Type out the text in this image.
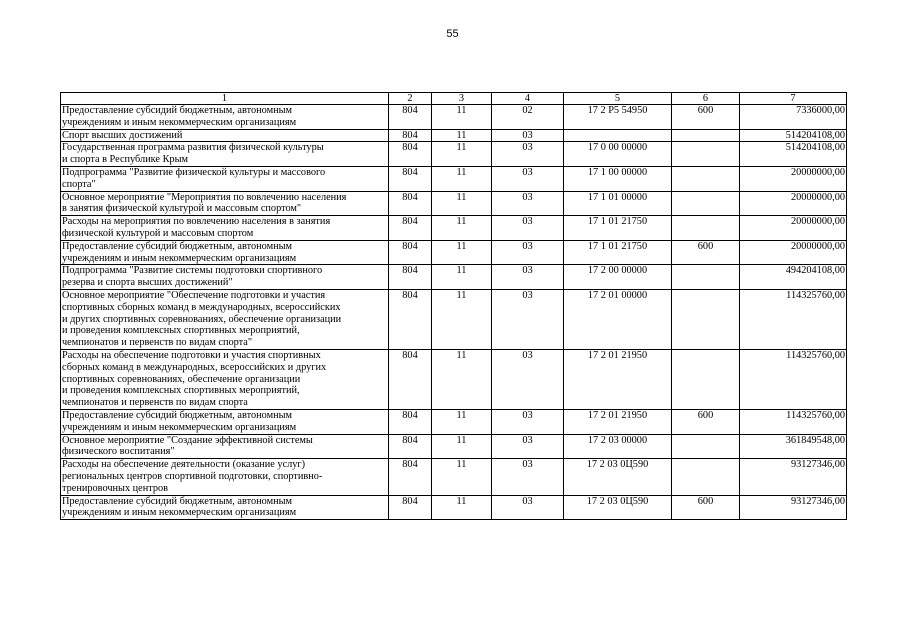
55
1	2	3	4	5	6	7
Предоставление субсидий бюджетным, автономным
учреждениям и иным некоммерческим организациям	804	11	02	17 2 Р5 54950	600	7336000,00
Спорт высших достижений	804	11	03			514204108,00
Государственная программа развития физической культуры
и спорта в Республике Крым	804	11	03	17 0 00 00000		514204108,00
Подпрограмма "Развитие физической культуры и массового
спорта"	804	11	03	17 1 00 00000		20000000,00
Основное мероприятие "Мероприятия по вовлечению населения
в занятия физической культурой и массовым спортом"	804	11	03	17 1 01 00000		20000000,00
Расходы на мероприятия по вовлечению населения в занятия
физической культурой и массовым спортом	804	11	03	17 1 01 21750		20000000,00
Предоставление субсидий бюджетным, автономным
учреждениям и иным некоммерческим организациям	804	11	03	17 1 01 21750	600	20000000,00
Подпрограмма "Развитие системы подготовки спортивного
резерва и спорта высших достижений"	804	11	03	17 2 00 00000		494204108,00
Основное мероприятие "Обеспечение подготовки и участия
спортивных сборных команд в международных, всероссийских
и других спортивных соревнованиях, обеспечение организации
и проведения комплексных спортивных мероприятий,
чемпионатов и первенств по видам спорта"	804	11	03	17 2 01 00000		114325760,00
Расходы на обеспечение подготовки и участия спортивных
сборных команд в международных, всероссийских и других
спортивных соревнованиях, обеспечение организации
и проведения комплексных спортивных мероприятий,
чемпионатов и первенств по видам спорта	804	11	03	17 2 01 21950		114325760,00
Предоставление субсидий бюджетным, автономным
учреждениям и иным некоммерческим организациям	804	11	03	17 2 01 21950	600	114325760,00
Основное мероприятие "Создание эффективной системы
физического воспитания"	804	11	03	17 2 03 00000		361849548,00
Расходы на обеспечение деятельности (оказание услуг)
региональных центров спортивной подготовки, спортивно-
тренировочных центров	804	11	03	17 2 03 0Ц590		93127346,00
Предоставление субсидий бюджетным, автономным
учреждениям и иным некоммерческим организациям	804	11	03	17 2 03 0Ц590	600	93127346,00
